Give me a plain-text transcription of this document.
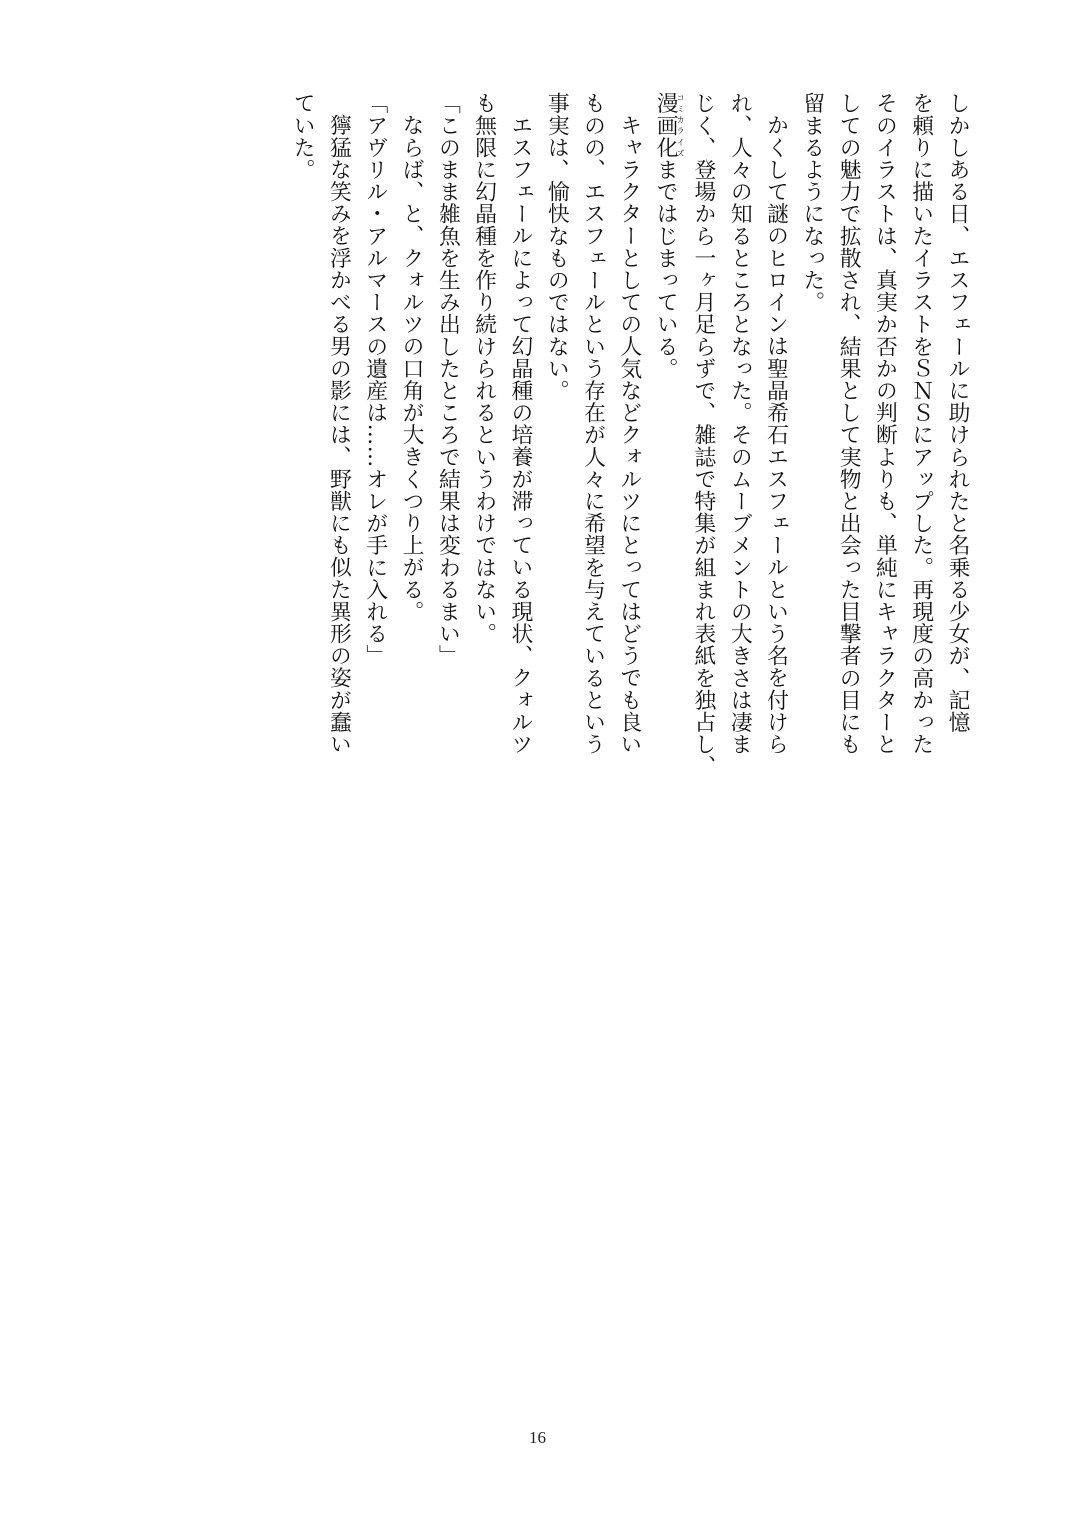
しかしある日、エスフェールに助けられたと名乗る少女が、記憶
を頼りに描いたイラストをＳＮＳにアップした。再現度の高かった
そのイラストは、真実か否かの判断よりも、単純にキャラクターと
しての魅力で拡散され、結果として実物と出会った目撃者の目にも
留まるようになった。
かくして謎のヒロインは聖晶希石エスフェールという名を付けら
れ、人々の知るところとなった。そのムーブメントの大きさは凄ま
じく、登場から一ヶ月足らずで、雑誌で特集が組まれ表紙を独占し、
漫画化コミカライズまではじまっている。
キャラクターとしての人気などクォルツにとってはどうでも良い
ものの、エスフェールという存在が人々に希望を与えているという
事実は、愉快なものではない。
エスフェールによって幻晶種の培養が滞っている現状、クォルツ
も無限に幻晶種を作り続けられるというわけではない。
「このまま雑魚を生み出したところで結果は変わるまい」
ならば、と、クォルツの口角が大きくつり上がる。
「アヴリル・アルマースの遺産は……オレが手に入れる」
獰猛な笑みを浮かべる男の影には、野獣にも似た異形の姿が蠢い
ていた。
16
